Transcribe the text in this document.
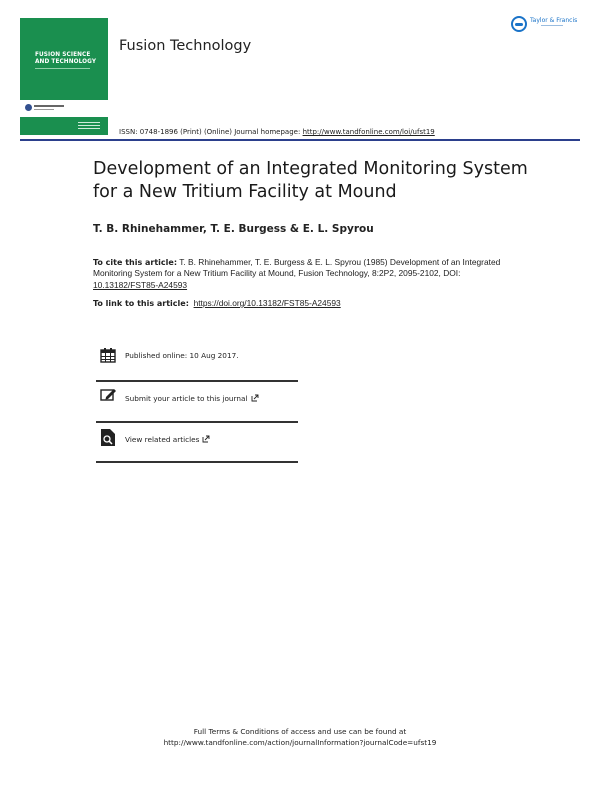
FUSION SCIENCE
AND TECHNOLOGY
Fusion Technology
Taylor & Francis
ISSN: 0748-1896 (Print) (Online) Journal homepage: http://www.tandfonline.com/loi/ufst19
Development of an Integrated Monitoring System for a New Tritium Facility at Mound
T. B. Rhinehammer, T. E. Burgess & E. L. Spyrou
To cite this article: T. B. Rhinehammer, T. E. Burgess & E. L. Spyrou (1985) Development of an Integrated Monitoring System for a New Tritium Facility at Mound, Fusion Technology, 8:2P2, 2095-2102, DOI: 10.13182/FST85-A24593
To link to this article: https://doi.org/10.13182/FST85-A24593
Published online: 10 Aug 2017.
Submit your article to this journal
View related articles
Full Terms & Conditions of access and use can be found at
http://www.tandfonline.com/action/journalInformation?journalCode=ufst19
